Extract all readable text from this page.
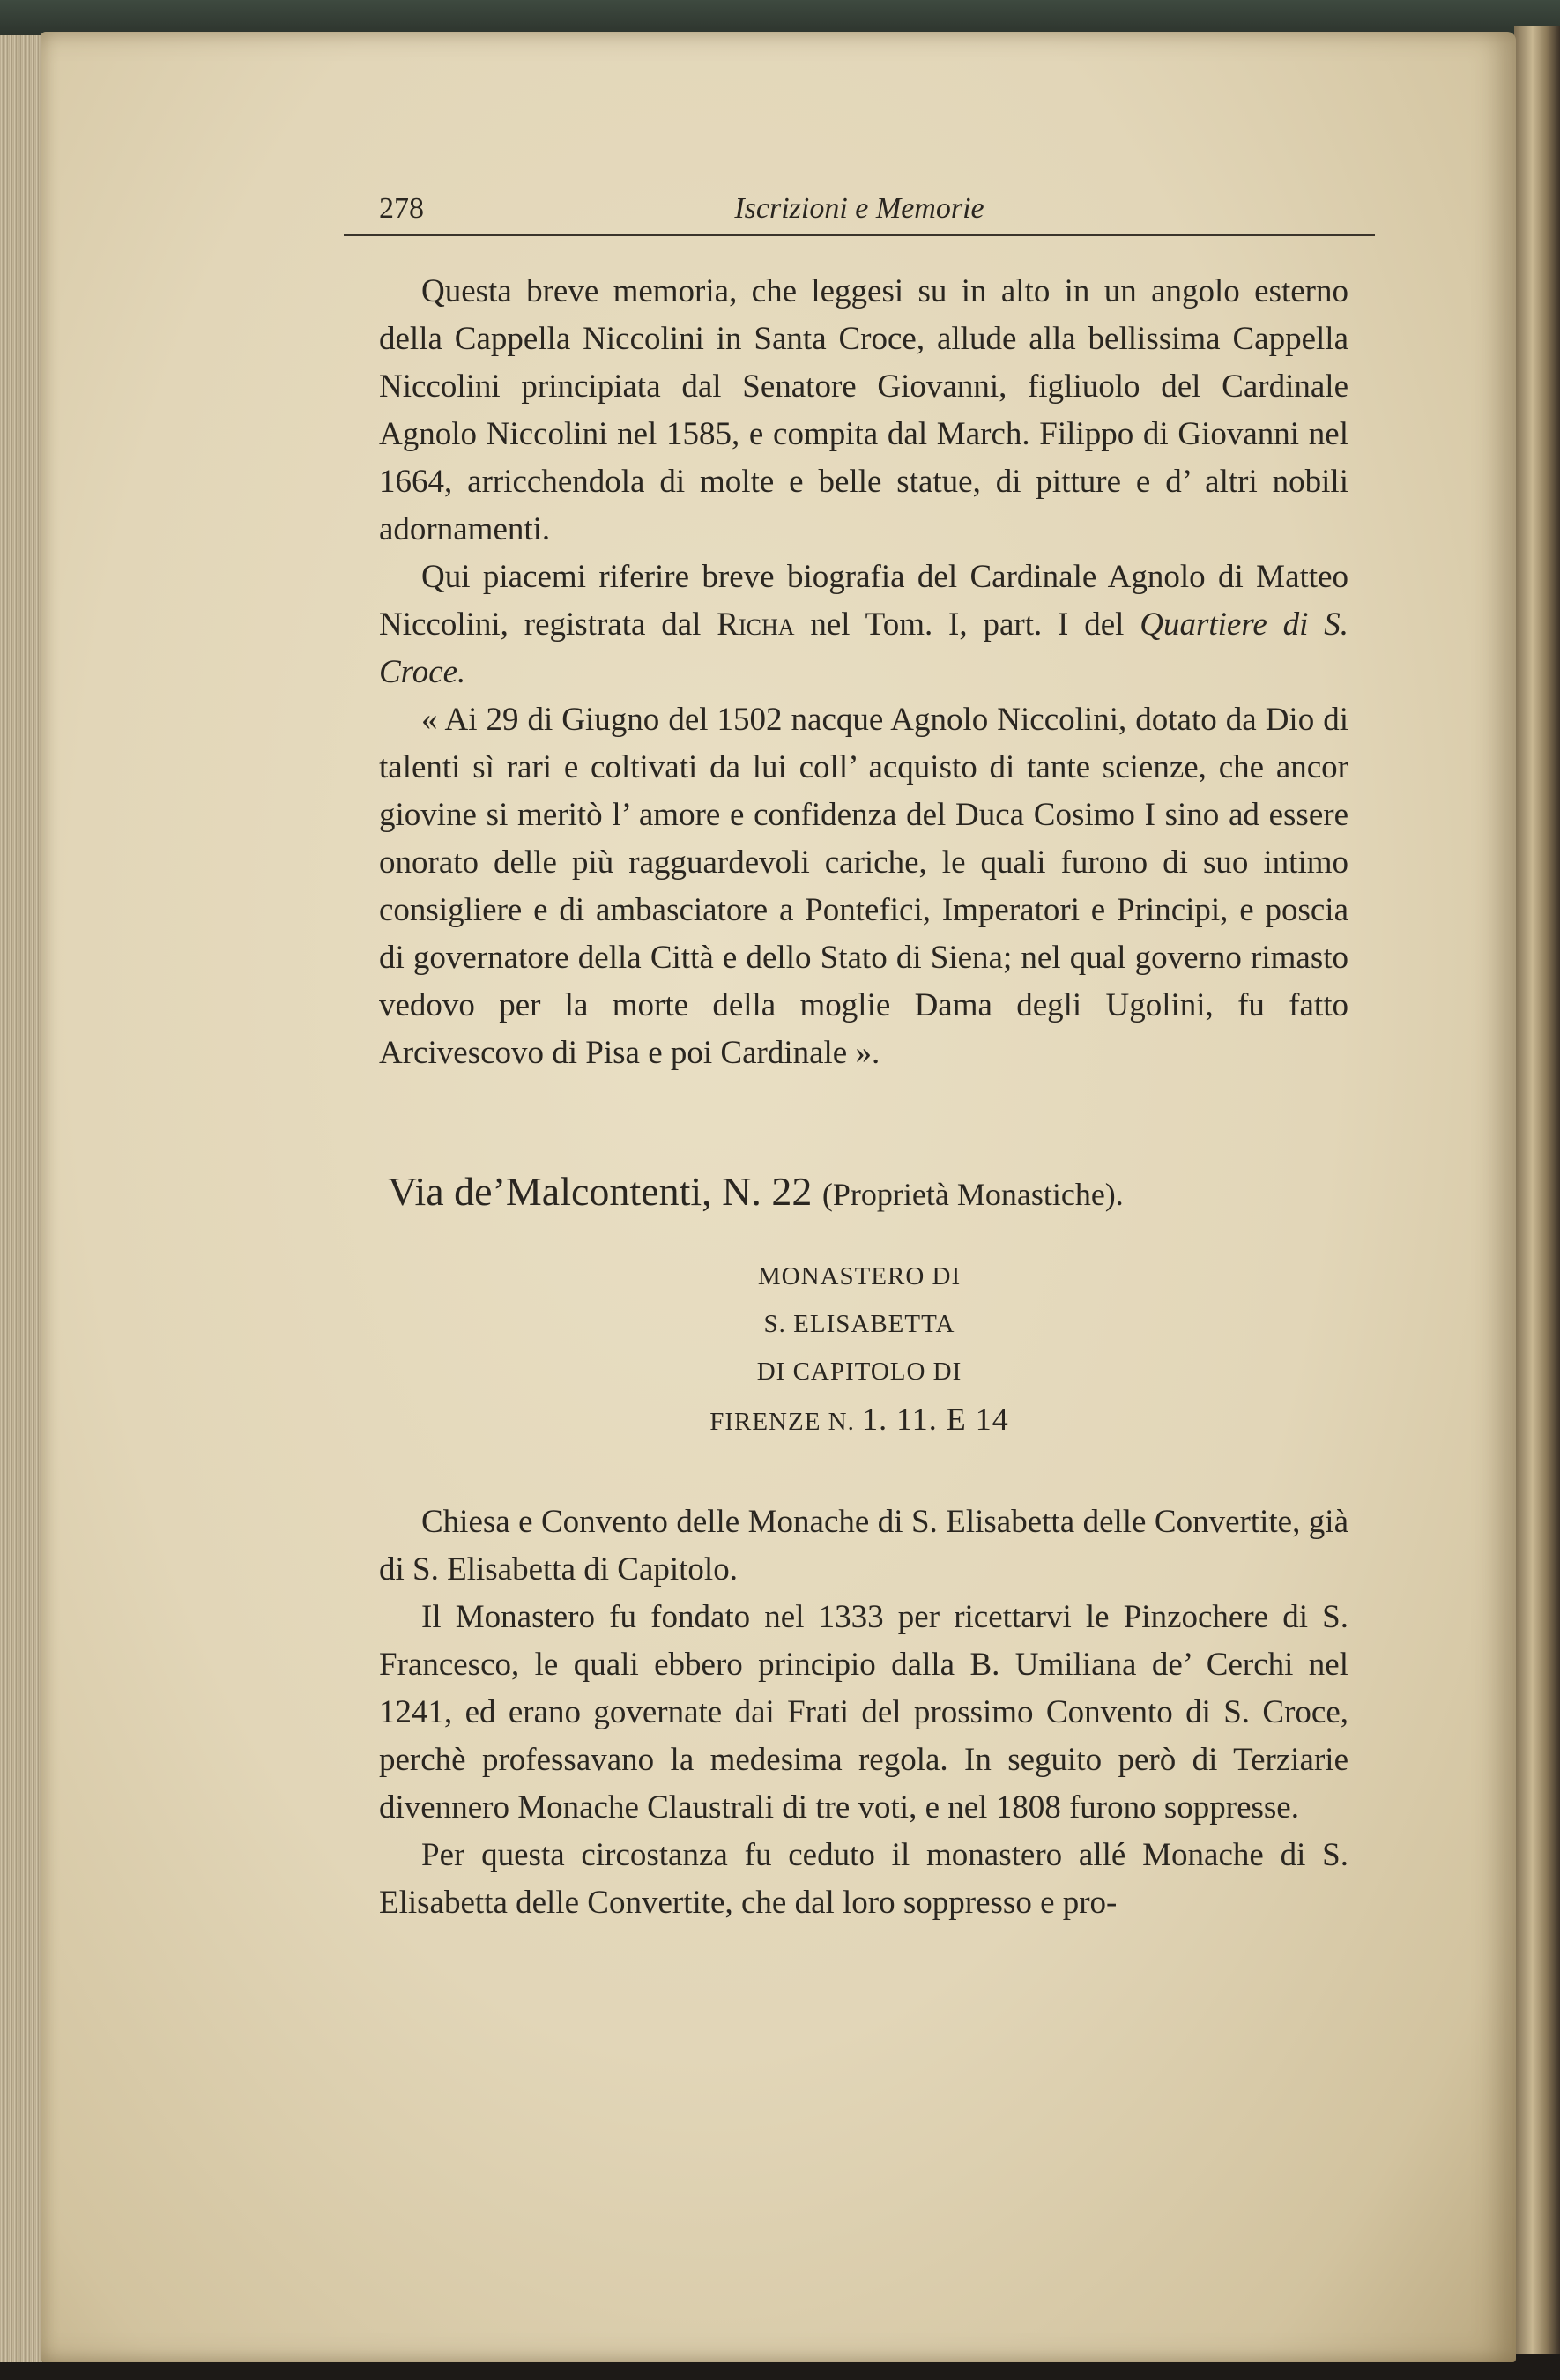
278	Iscrizioni e Memorie

Questa breve memoria, che leggesi su in alto in un angolo esterno della Cappella Niccolini in Santa Croce, allude alla bellissima Cappella Niccolini principiata dal Senatore Giovanni, figliuolo del Cardinale Agnolo Niccolini nel 1585, e compita dal March. Filippo di Giovanni nel 1664, arricchendola di molte e belle statue, di pitture e d’ altri nobili adornamenti.

Qui piacemi riferire breve biografia del Cardinale Agnolo di Matteo Niccolini, registrata dal Richa nel Tom. I, part. I del Quartiere di S. Croce.

« Ai 29 di Giugno del 1502 nacque Agnolo Niccolini, dotato da Dio di talenti sì rari e coltivati da lui coll’ acquisto di tante scienze, che ancor giovine si meritò l’ amore e confidenza del Duca Cosimo I sino ad essere onorato delle più ragguardevoli cariche, le quali furono di suo intimo consigliere e di ambasciatore a Pontefici, Imperatori e Principi, e poscia di governatore della Città e dello Stato di Siena; nel qual governo rimasto vedovo per la morte della moglie Dama degli Ugolini, fu fatto Arcivescovo di Pisa e poi Cardinale ».

Via de’Malcontenti, N. 22 (Proprietà Monastiche).
MONASTERO DI
S. ELISABETTA
DI CAPITOLO DI
FIRENZE N. 1. 11. E 14

Chiesa e Convento delle Monache di S. Elisabetta delle Convertite, già di S. Elisabetta di Capitolo.

Il Monastero fu fondato nel 1333 per ricettarvi le Pinzochere di S. Francesco, le quali ebbero principio dalla B. Umiliana de’ Cerchi nel 1241, ed erano governate dai Frati del prossimo Convento di S. Croce, perchè professavano la medesima regola. In seguito però di Terziarie divennero Monache Claustrali di tre voti, e nel 1808 furono soppresse.

Per questa circostanza fu ceduto il monastero allé Monache di S. Elisabetta delle Convertite, che dal loro soppresso e pro-
